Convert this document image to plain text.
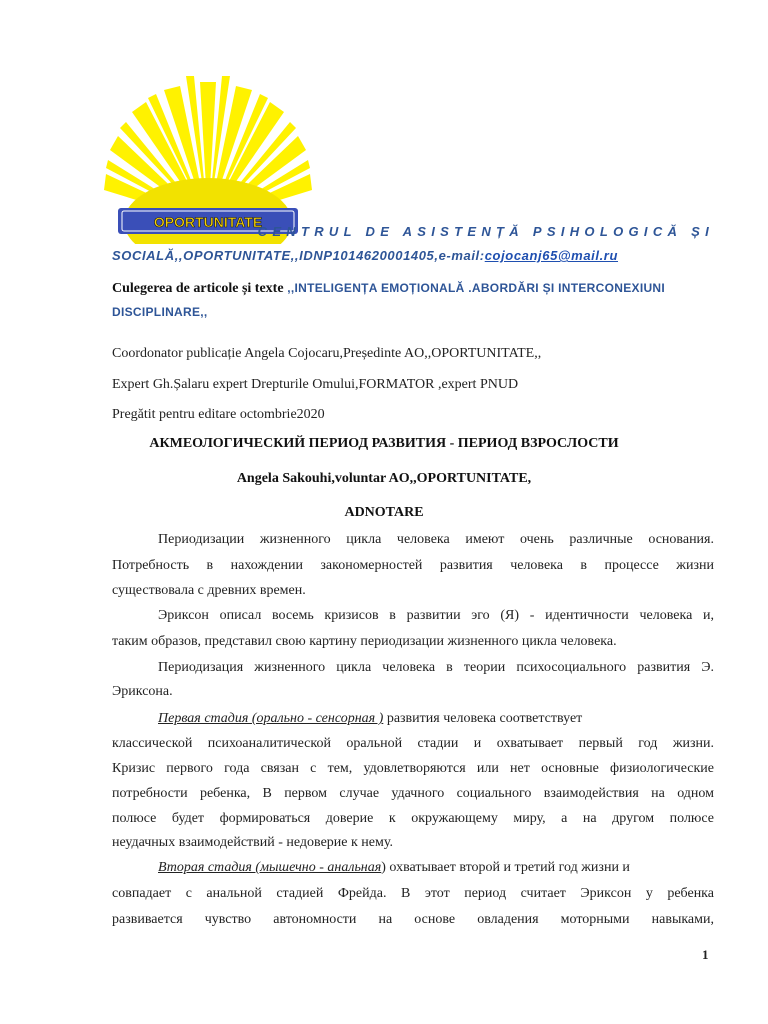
OPORTUNITATE
CENTRUL DE ASISTENȚĂ PSIHOLOGICĂ ȘI
SOCIALĂ,,OPORTUNITATE,,IDNP1014620001405,e-mail:cojocanj65@mail.ru
Culegerea de articole și texte ,,INTELIGENȚA EMOȚIONALĂ .ABORDĂRI ȘI INTERCONEXIUNI
DISCIPLINARE,,
Coordonator publicație Angela Cojocaru,Președinte AO,,OPORTUNITATE,,
Expert Gh.Șalaru expert Drepturile Omului,FORMATOR ,expert PNUD
Pregătit pentru editare octombrie2020
АКМЕОЛОГИЧЕСКИЙ ПЕРИОД РАЗВИТИЯ - ПЕРИОД ВЗРОСЛОСТИ
Angela Sakouhi,voluntar AO,,OPORTUNITATE,
ADNOTARE
Периодизации жизненного цикла человека имеют очень различные основания.
Потребность в нахождении закономерностей развития человека в процессе жизни
существовала с древних времен.
Эриксон описал восемь кризисов в развитии эго (Я) - идентичности человека и,
таким образов, представил свою картину периодизации жизненного цикла человека.
Периодизация жизненного цикла человека в теории психосоциального развития Э.
Эриксона.
Первая стадия (орально - сенсорная ) развития человека соответствует
классической психоаналитической оральной стадии и охватывает первый год жизни.
Кризис первого года связан с тем, удовлетворяются или нет основные физиологические
потребности ребенка, В первом случае удачного социального взаимодействия на одном
полюсе будет формироваться доверие к окружающему миру, а на другом полюсе
неудачных взаимодействий - недоверие к нему.
Вторая стадия (мышечно - анальная) охватывает второй и третий год жизни и
совпадает с анальной стадией Фрейда. В этот период считает Эриксон у ребенка
развивается чувство автономности на основе овладения моторными навыками,
1
